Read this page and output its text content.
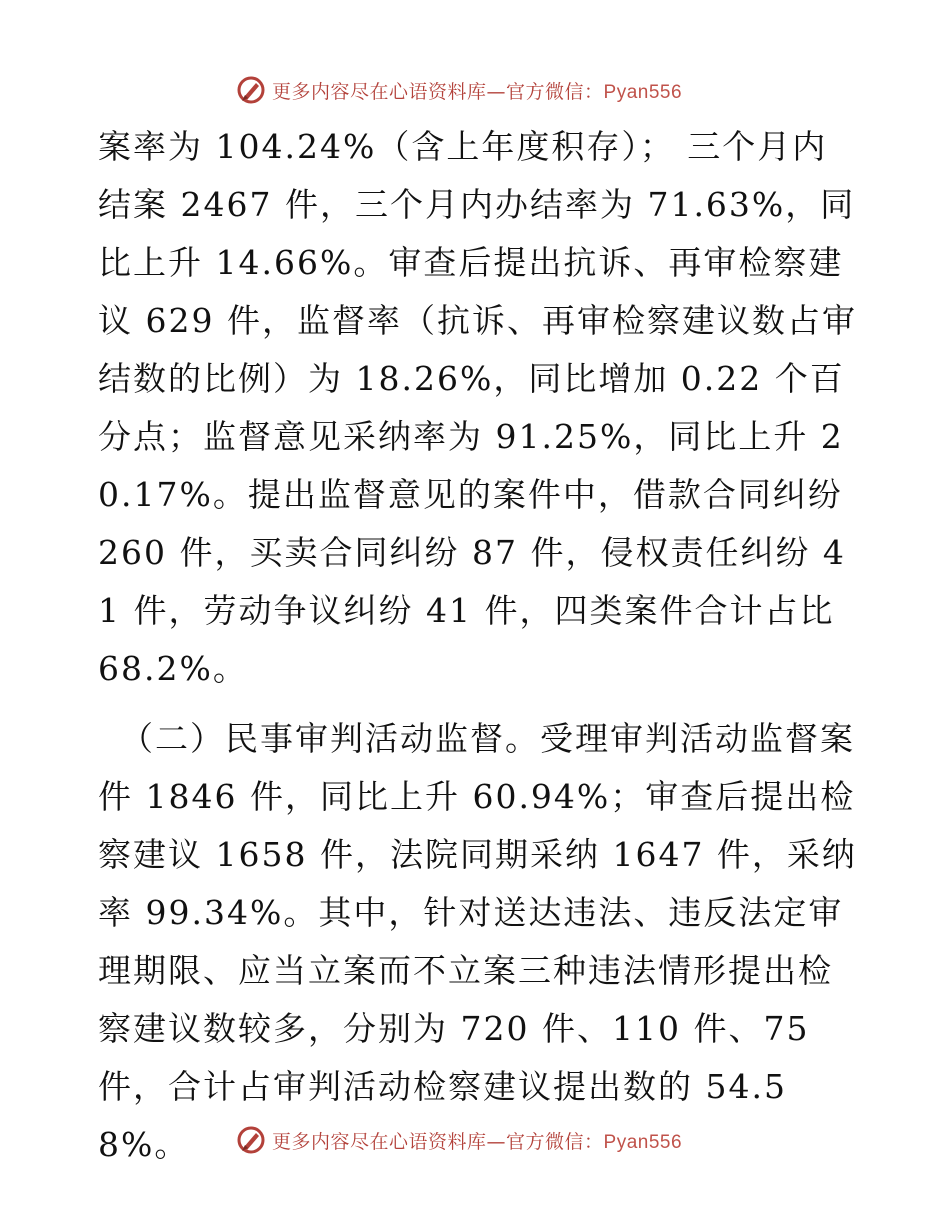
更多内容尽在心语资料库—官方微信：Pyan556

案率为 104.24%（含上年度积存）； 三个月内结案 2467 件，三个月内办结率为 71.63%，同比上升 14.66%。审查后提出抗诉、再审检察建议 629 件，监督率（抗诉、再审检察建议数占审结数的比例）为 18.26%，同比增加 0.22 个百分点；监督意见采纳率为 91.25%，同比上升 20.17%。提出监督意见的案件中，借款合同纠纷 260 件，买卖合同纠纷 87 件，侵权责任纠纷 41 件，劳动争议纠纷 41 件，四类案件合计占比 68.2%。

（二）民事审判活动监督。受理审判活动监督案件 1846 件，同比上升 60.94%；审查后提出检察建议 1658 件，法院同期采纳 1647 件，采纳率 99.34%。其中，针对送达违法、违反法定审理期限、应当立案而不立案三种违法情形提出检察建议数较多，分别为 720 件、110 件、75 件，合计占审判活动检察建议提出数的 54.58%。	更多内容尽在心语资料库—官方微信：Pyan556
